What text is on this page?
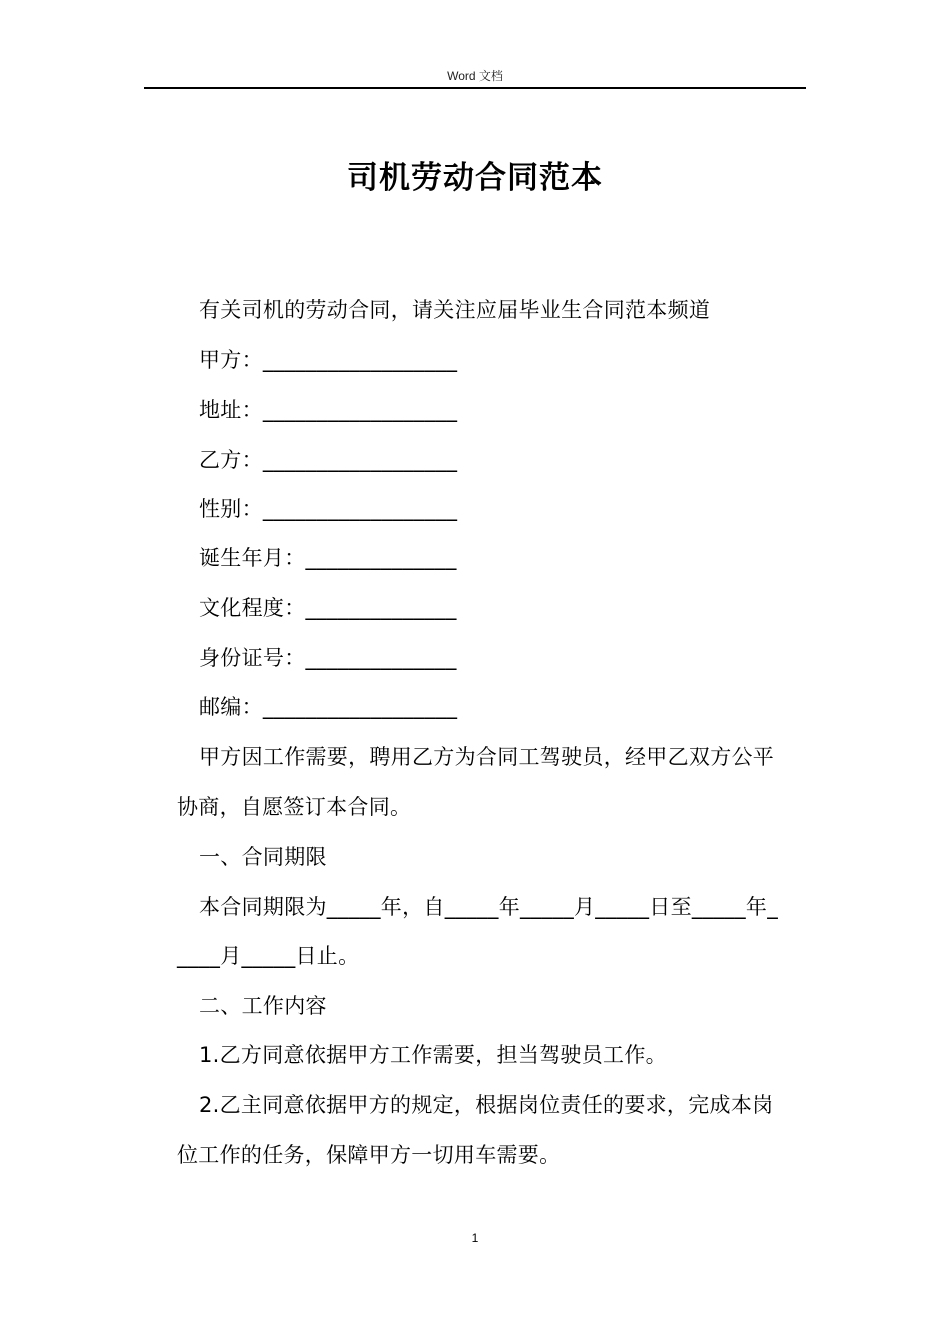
Word 文档
司机劳动合同范本
有关司机的劳动合同，请关注应届毕业生合同范本频道
甲方：__________________
地址：__________________
乙方：__________________
性别：__________________
诞生年月：______________
文化程度：______________
身份证号：______________
邮编：__________________
甲方因工作需要，聘用乙方为合同工驾驶员，经甲乙双方公平
协商，自愿签订本合同。
一、合同期限
本合同期限为_____年，自_____年_____月_____日至_____年_
____月_____日止。
二、工作内容
1.乙方同意依据甲方工作需要，担当驾驶员工作。
2.乙主同意依据甲方的规定，根据岗位责任的要求，完成本岗
位工作的任务，保障甲方一切用车需要。
1
